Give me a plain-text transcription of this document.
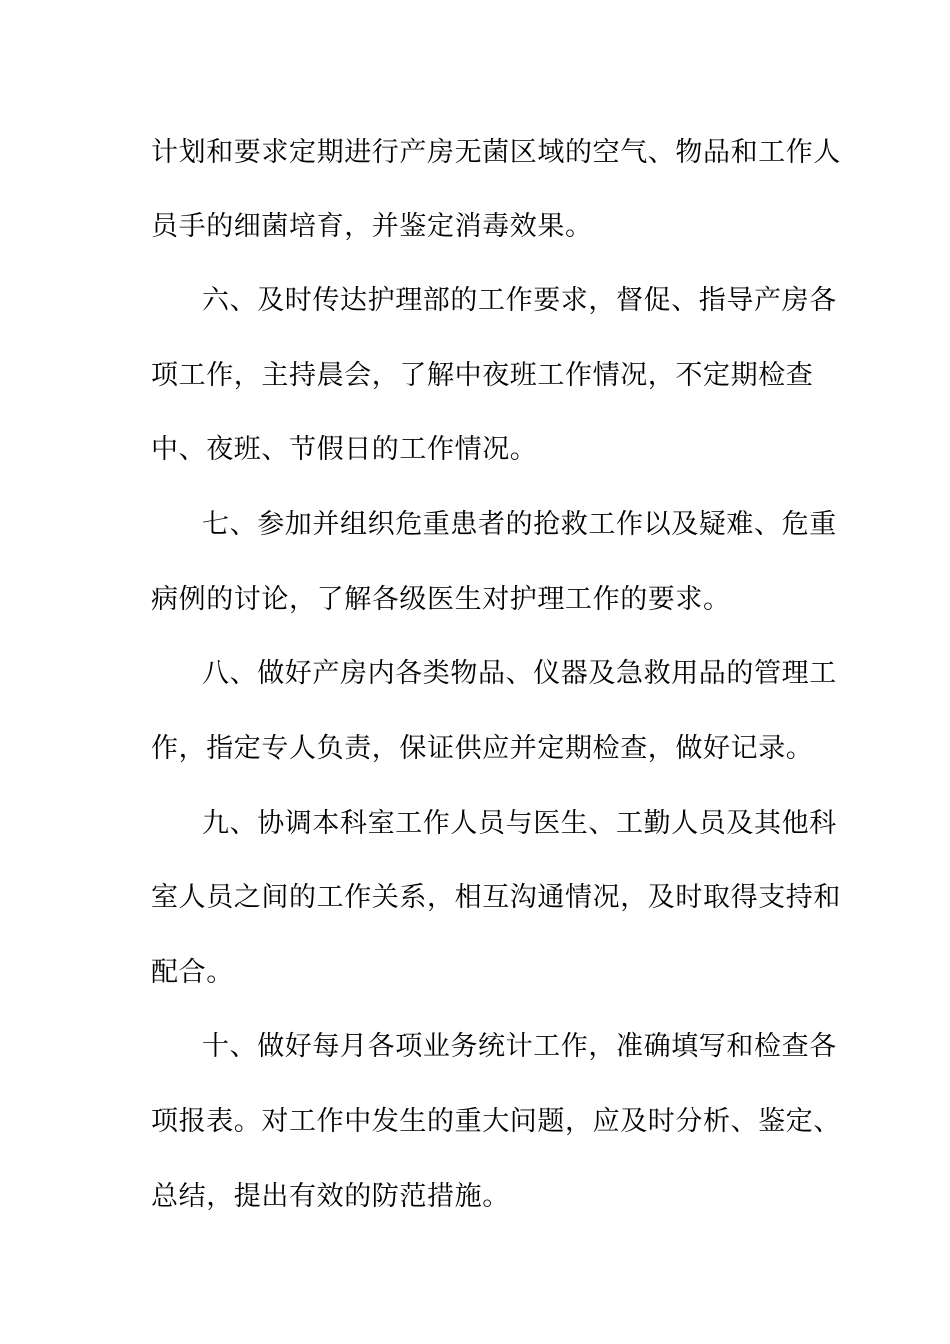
计划和要求定期进行产房无菌区域的空气、物品和工作人
员手的细菌培育，并鉴定消毒效果。
六、及时传达护理部的工作要求，督促、指导产房各
项工作，主持晨会，了解中夜班工作情况，不定期检查
中、夜班、节假日的工作情况。
七、参加并组织危重患者的抢救工作以及疑难、危重
病例的讨论，了解各级医生对护理工作的要求。
八、做好产房内各类物品、仪器及急救用品的管理工
作，指定专人负责，保证供应并定期检查，做好记录。
九、协调本科室工作人员与医生、工勤人员及其他科
室人员之间的工作关系，相互沟通情况，及时取得支持和
配合。
十、做好每月各项业务统计工作，准确填写和检查各
项报表。对工作中发生的重大问题，应及时分析、鉴定、
总结，提出有效的防范措施。
